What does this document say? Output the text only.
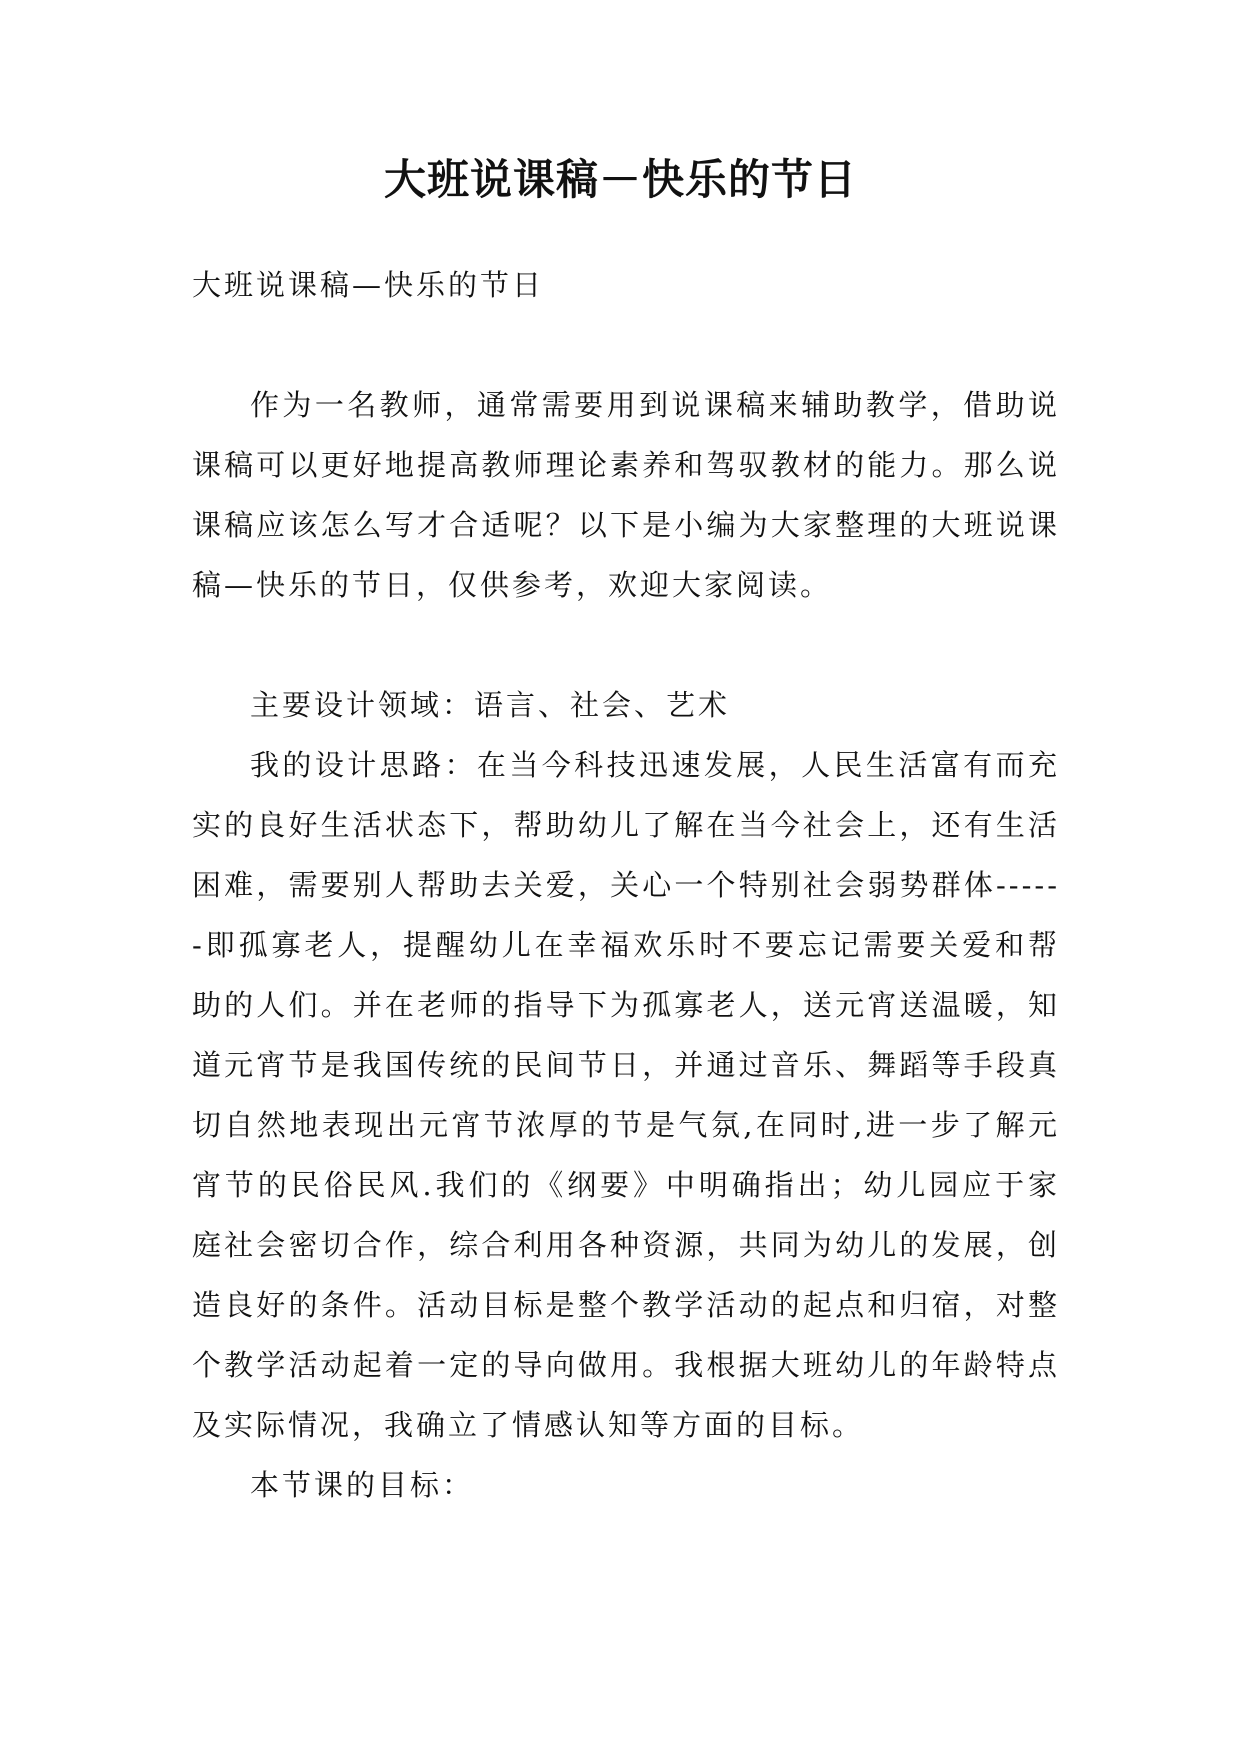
大班说课稿－快乐的节日

大班说课稿—快乐的节日

作为一名教师，通常需要用到说课稿来辅助教学，借助说课稿可以更好地提高教师理论素养和驾驭教材的能力。那么说课稿应该怎么写才合适呢？以下是小编为大家整理的大班说课稿—快乐的节日，仅供参考，欢迎大家阅读。

主要设计领域：语言、社会、艺术

我的设计思路：在当今科技迅速发展，人民生活富有而充实的良好生活状态下，帮助幼儿了解在当今社会上，还有生活困难，需要别人帮助去关爱，关心一个特别社会弱势群体------即孤寡老人，提醒幼儿在幸福欢乐时不要忘记需要关爱和帮助的人们。并在老师的指导下为孤寡老人，送元宵送温暖，知道元宵节是我国传统的民间节日，并通过音乐、舞蹈等手段真切自然地表现出元宵节浓厚的节是气氛,在同时,进一步了解元宵节的民俗民风.我们的《纲要》中明确指出；幼儿园应于家庭社会密切合作，综合利用各种资源，共同为幼儿的发展，创造良好的条件。活动目标是整个教学活动的起点和归宿，对整个教学活动起着一定的导向做用。我根据大班幼儿的年龄特点及实际情况，我确立了情感认知等方面的目标。

本节课的目标：
